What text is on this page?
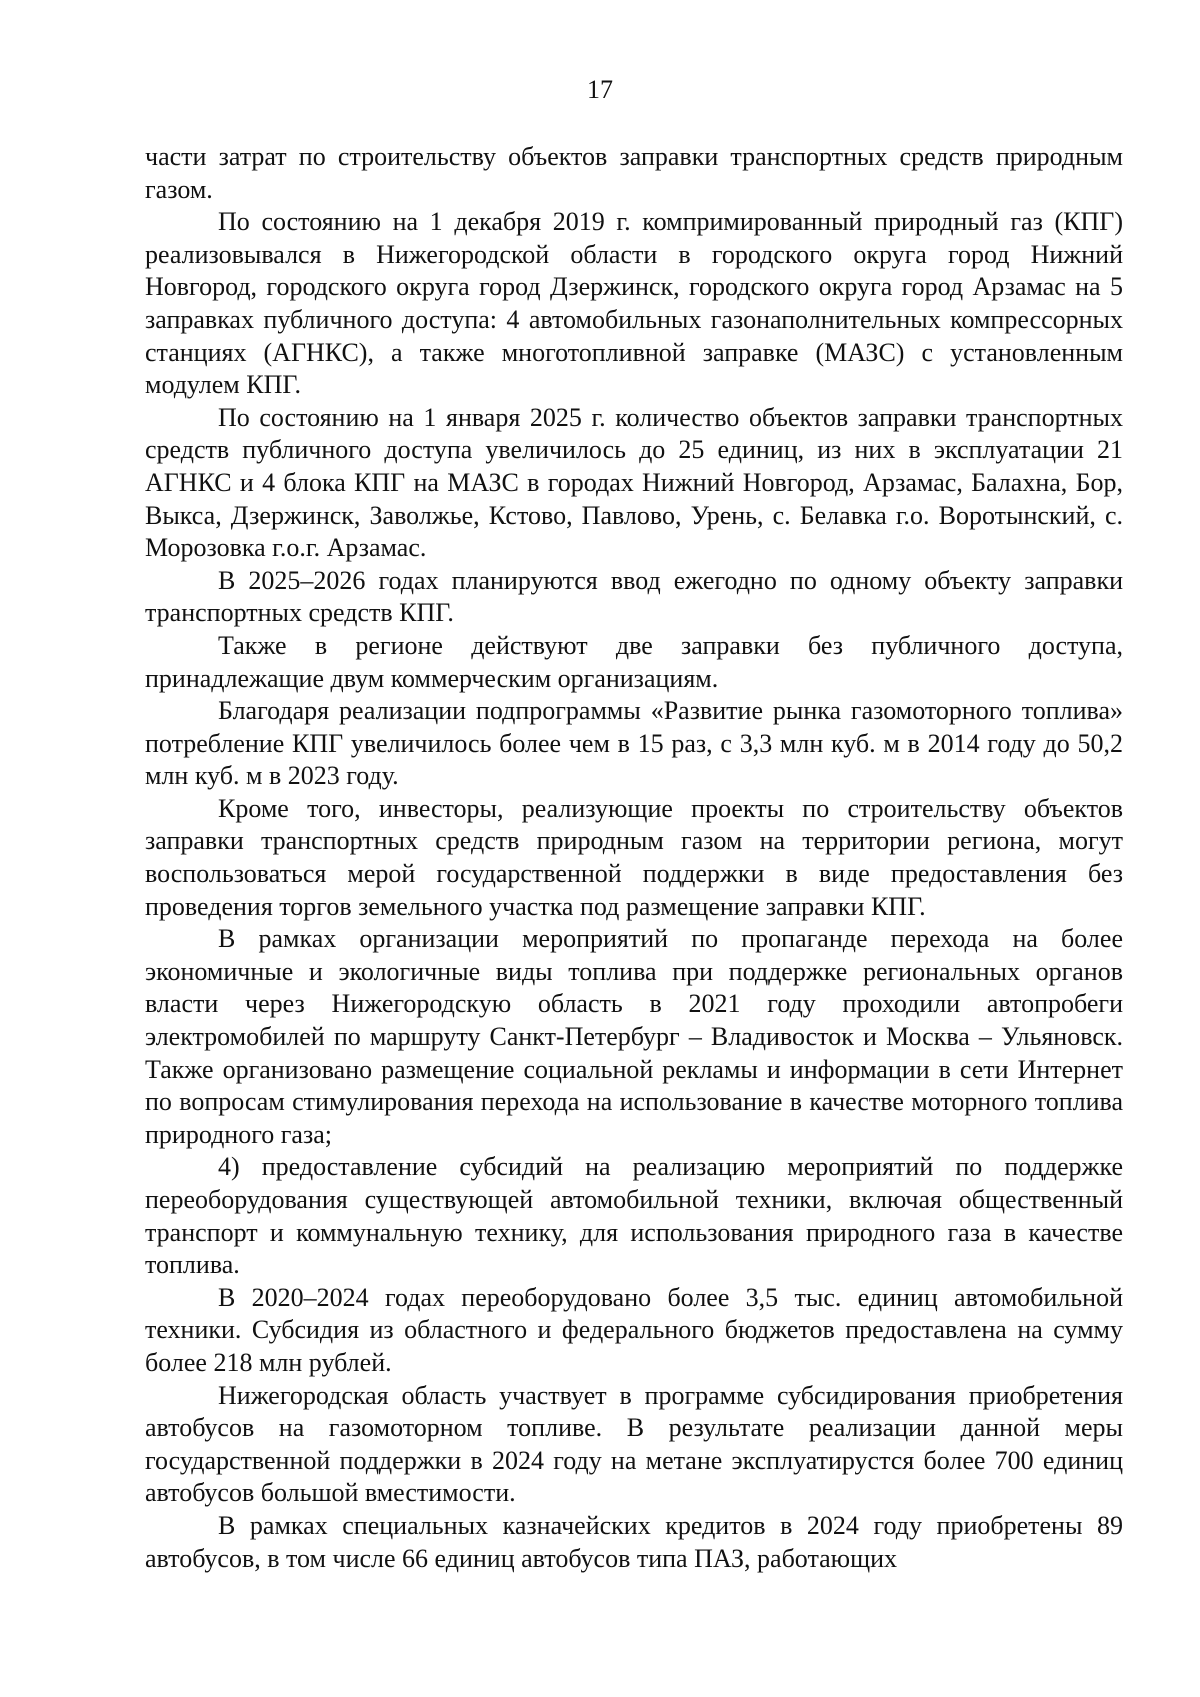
17

части затрат по строительству объектов заправки транспортных средств природным газом.

По состоянию на 1 декабря 2019 г. компримированный природный газ (КПГ) реализовывался в Нижегородской области в городского округа город Нижний Новгород, городского округа город Дзержинск, городского округа город Арзамас на 5 заправках публичного доступа: 4 автомобильных газонаполнительных компрессорных станциях (АГНКС), а также многотопливной заправке (МАЗС) с установленным модулем КПГ.

По состоянию на 1 января 2025 г. количество объектов заправки транспортных средств публичного доступа увеличилось до 25 единиц, из них в эксплуатации 21 АГНКС и 4 блока КПГ на МАЗС в городах Нижний Новгород, Арзамас, Балахна, Бор, Выкса, Дзержинск, Заволжье, Кстово, Павлово, Урень, с. Белавка г.о. Воротынский, с. Морозовка г.о.г. Арзамас.

В 2025–2026 годах планируются ввод ежегодно по одному объекту заправки транспортных средств КПГ.

Также в регионе действуют две заправки без публичного доступа, принадлежащие двум коммерческим организациям.

Благодаря реализации подпрограммы «Развитие рынка газомоторного топлива» потребление КПГ увеличилось более чем в 15 раз, с 3,3 млн куб. м в 2014 году до 50,2 млн куб. м в 2023 году.

Кроме того, инвесторы, реализующие проекты по строительству объектов заправки транспортных средств природным газом на территории региона, могут воспользоваться мерой государственной поддержки в виде предоставления без проведения торгов земельного участка под размещение заправки КПГ.

В рамках организации мероприятий по пропаганде перехода на более экономичные и экологичные виды топлива при поддержке региональных органов власти через Нижегородскую область в 2021 году проходили автопробеги электромобилей по маршруту Санкт-Петербург – Владивосток и Москва – Ульяновск. Также организовано размещение социальной рекламы и информации в сети Интернет по вопросам стимулирования перехода на использование в качестве моторного топлива природного газа;

4) предоставление субсидий на реализацию мероприятий по поддержке переоборудования существующей автомобильной техники, включая общественный транспорт и коммунальную технику, для использования природного газа в качестве топлива.

В 2020–2024 годах переоборудовано более 3,5 тыс. единиц автомобильной техники. Субсидия из областного и федерального бюджетов предоставлена на сумму более 218 млн рублей.

Нижегородская область участвует в программе субсидирования приобретения автобусов на газомоторном топливе. В результате реализации данной меры государственной поддержки в 2024 году на метане эксплуатирустся более 700 единиц автобусов большой вместимости.

В рамках специальных казначейских кредитов в 2024 году приобретены 89 автобусов, в том числе 66 единиц автобусов типа ПАЗ, работающих
